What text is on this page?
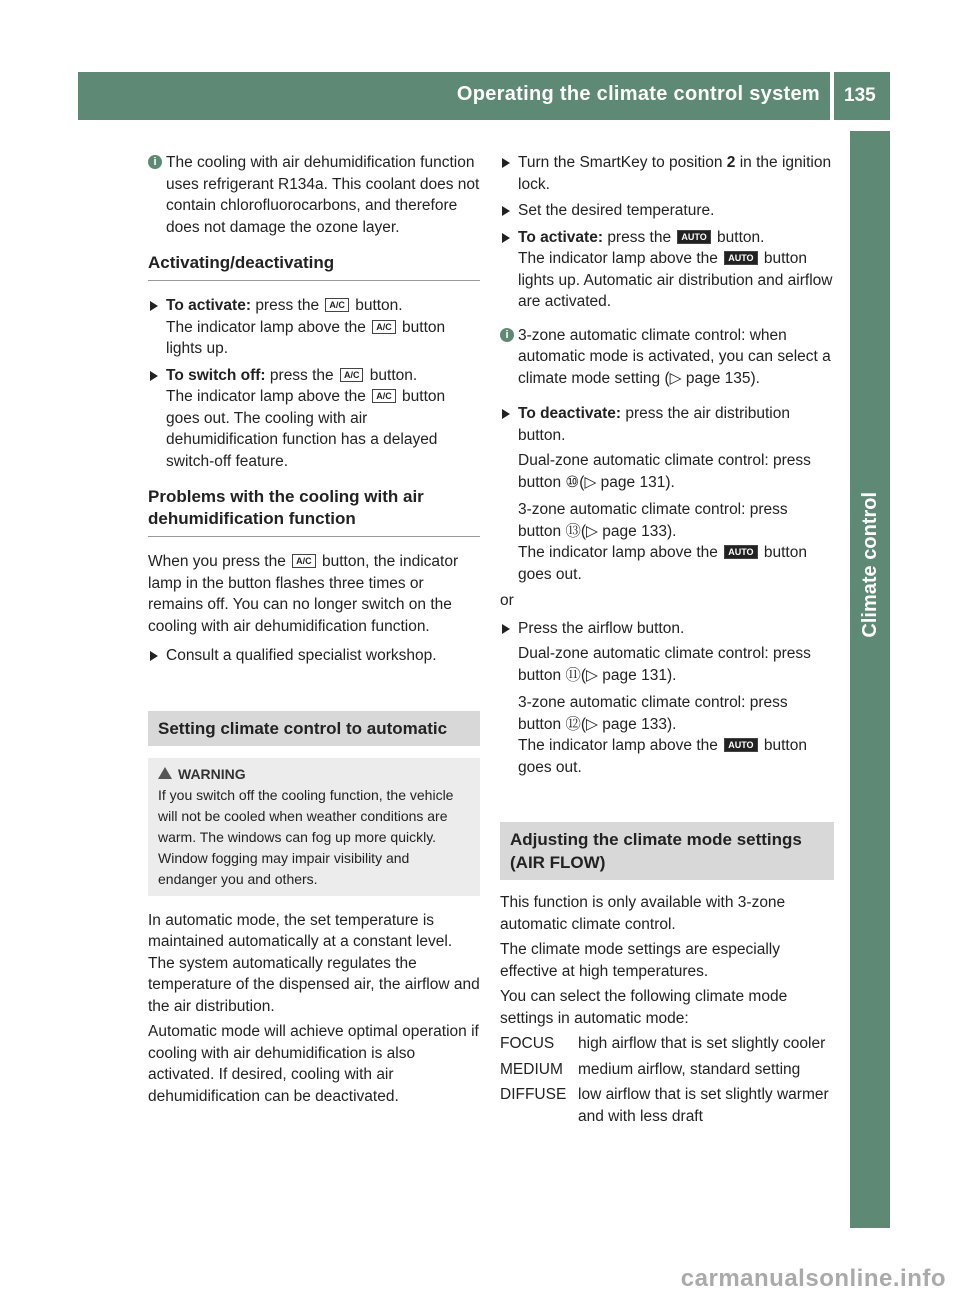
Operating the climate control system 135
Climate control
i The cooling with air dehumidification function uses refrigerant R134a. This coolant does not contain chlorofluorocarbons, and therefore does not damage the ozone layer.
Activating/deactivating
To activate: press the A/C button.
The indicator lamp above the A/C button lights up.
To switch off: press the A/C button.
The indicator lamp above the A/C button goes out. The cooling with air dehumidification function has a delayed switch-off feature.
Problems with the cooling with air dehumidification function

When you press the A/C button, the indicator lamp in the button flashes three times or remains off. You can no longer switch on the cooling with air dehumidification function.

Consult a qualified specialist workshop.
Setting climate control to automatic
WARNING
If you switch off the cooling function, the vehicle will not be cooled when weather conditions are warm. The windows can fog up more quickly. Window fogging may impair visibility and endanger you and others.

In automatic mode, the set temperature is maintained automatically at a constant level. The system automatically regulates the temperature of the dispensed air, the airflow and the air distribution.

Automatic mode will achieve optimal operation if cooling with air dehumidification is also activated. If desired, cooling with air dehumidification can be deactivated.

Turn the SmartKey to position 2 in the ignition lock.
Set the desired temperature.
To activate: press the AUTO button.
The indicator lamp above the AUTO button lights up. Automatic air distribution and airflow are activated.
i 3-zone automatic climate control: when automatic mode is activated, you can select a climate mode setting (▷ page 135).
To deactivate: press the air distribution button.

Dual-zone automatic climate control: press button ⑩(▷ page 131).

3-zone automatic climate control: press button ⑬(▷ page 133).

The indicator lamp above the AUTO button goes out.
or
Press the airflow button.

Dual-zone automatic climate control: press button ⑪(▷ page 131).

3-zone automatic climate control: press button ⑫(▷ page 133).

The indicator lamp above the AUTO button goes out.
Adjusting the climate mode settings (AIR FLOW)

This function is only available with 3-zone automatic climate control.

The climate mode settings are especially effective at high temperatures.

You can select the following climate mode settings in automatic mode:

FOCUS	high airflow that is set slightly cooler
MEDIUM medium airflow, standard setting
DIFFUSE low airflow that is set slightly warmer and with less draft
carmanualsonline.info
